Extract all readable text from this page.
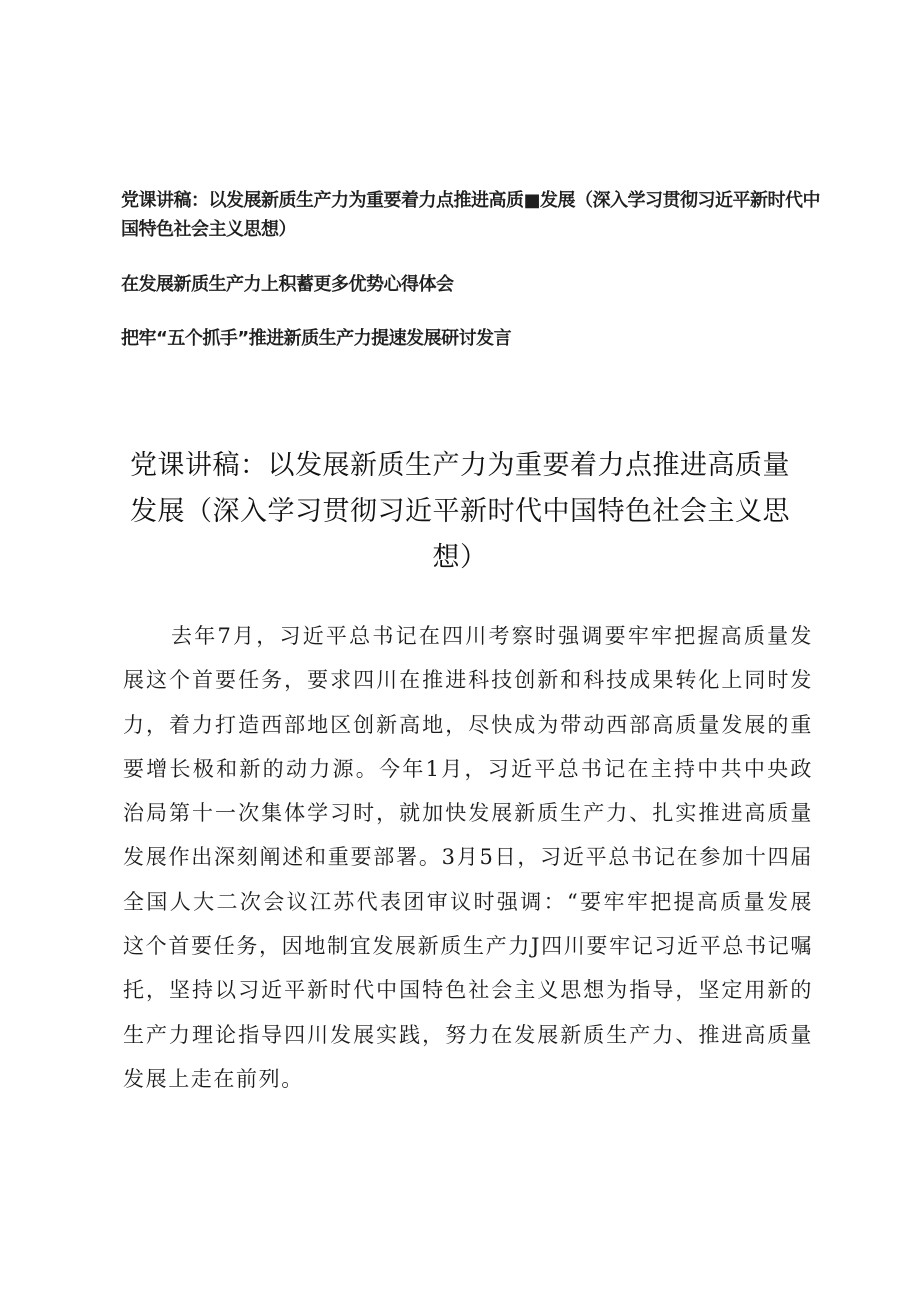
党课讲稿：以发展新质生产力为重要着力点推进高质■发展（深入学习贯彻习近平新时代中国特色社会主义思想）
在发展新质生产力上积蓄更多优势心得体会
把牢“五个抓手”推进新质生产力提速发展研讨发言
党课讲稿：以发展新质生产力为重要着力点推进高质量发展（深入学习贯彻习近平新时代中国特色社会主义思想）

去年7月，习近平总书记在四川考察时强调要牢牢把握高质量发展这个首要任务，要求四川在推进科技创新和科技成果转化上同时发力，着力打造西部地区创新高地，尽快成为带动西部高质量发展的重要增长极和新的动力源。今年1月，习近平总书记在主持中共中央政治局第十一次集体学习时，就加快发展新质生产力、扎实推进高质量发展作出深刻阐述和重要部署。3月5日，习近平总书记在参加十四届全国人大二次会议江苏代表团审议时强调：“要牢牢把提高质量发展这个首要任务，因地制宜发展新质生产力J四川要牢记习近平总书记嘱托，坚持以习近平新时代中国特色社会主义思想为指导，坚定用新的生产力理论指导四川发展实践，努力在发展新质生产力、推进高质量发展上走在前列。
